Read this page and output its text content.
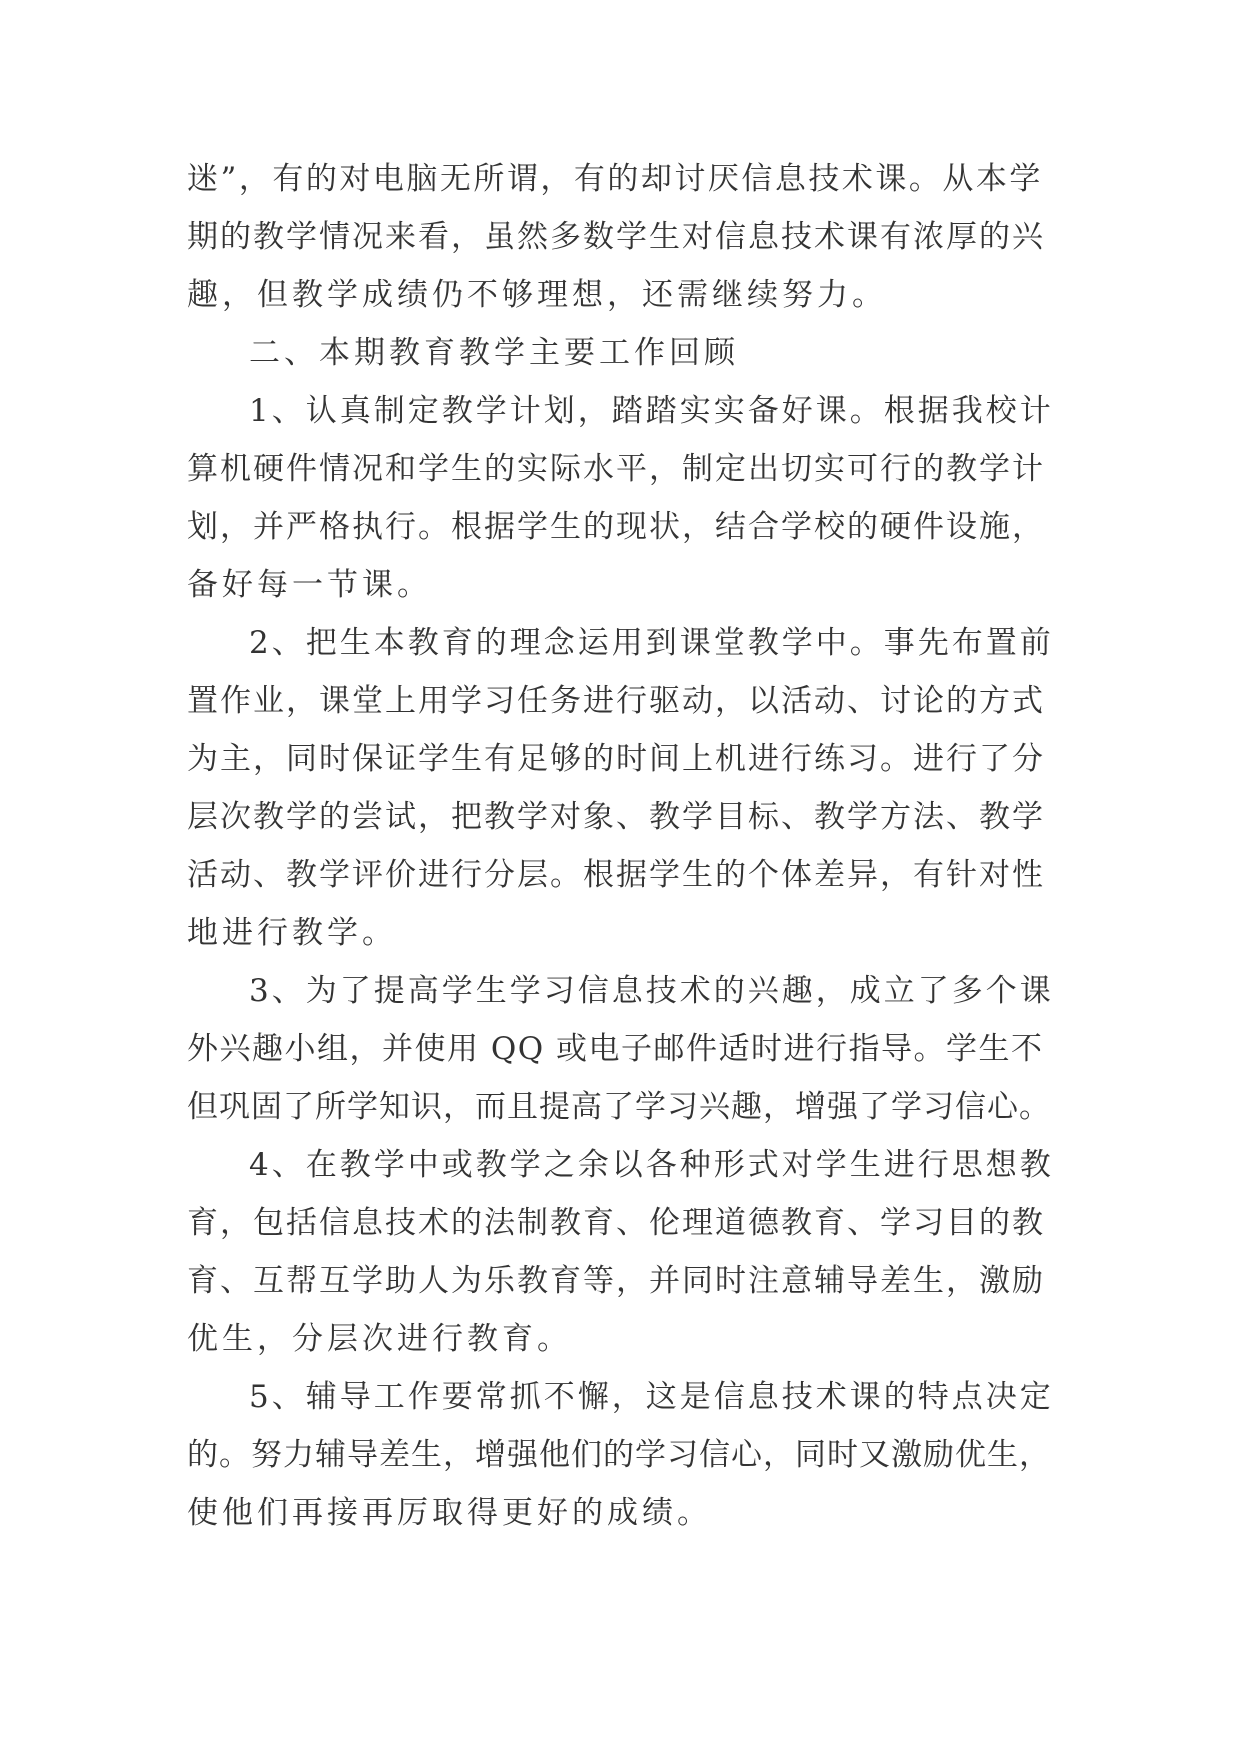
迷”，有的对电脑无所谓，有的却讨厌信息技术课。从本学
期的教学情况来看，虽然多数学生对信息技术课有浓厚的兴
趣，但教学成绩仍不够理想，还需继续努力。
二、本期教育教学主要工作回顾
1、认真制定教学计划，踏踏实实备好课。根据我校计
算机硬件情况和学生的实际水平，制定出切实可行的教学计
划，并严格执行。根据学生的现状，结合学校的硬件设施，
备好每一节课。
2、把生本教育的理念运用到课堂教学中。事先布置前
置作业，课堂上用学习任务进行驱动，以活动、讨论的方式
为主，同时保证学生有足够的时间上机进行练习。进行了分
层次教学的尝试，把教学对象、教学目标、教学方法、教学
活动、教学评价进行分层。根据学生的个体差异，有针对性
地进行教学。
3、为了提高学生学习信息技术的兴趣，成立了多个课
外兴趣小组，并使用 QQ 或电子邮件适时进行指导。学生不
但巩固了所学知识，而且提高了学习兴趣，增强了学习信心。
4、在教学中或教学之余以各种形式对学生进行思想教
育，包括信息技术的法制教育、伦理道德教育、学习目的教
育、互帮互学助人为乐教育等，并同时注意辅导差生，激励
优生，分层次进行教育。
5、辅导工作要常抓不懈，这是信息技术课的特点决定
的。努力辅导差生，增强他们的学习信心，同时又激励优生，
使他们再接再厉取得更好的成绩。
